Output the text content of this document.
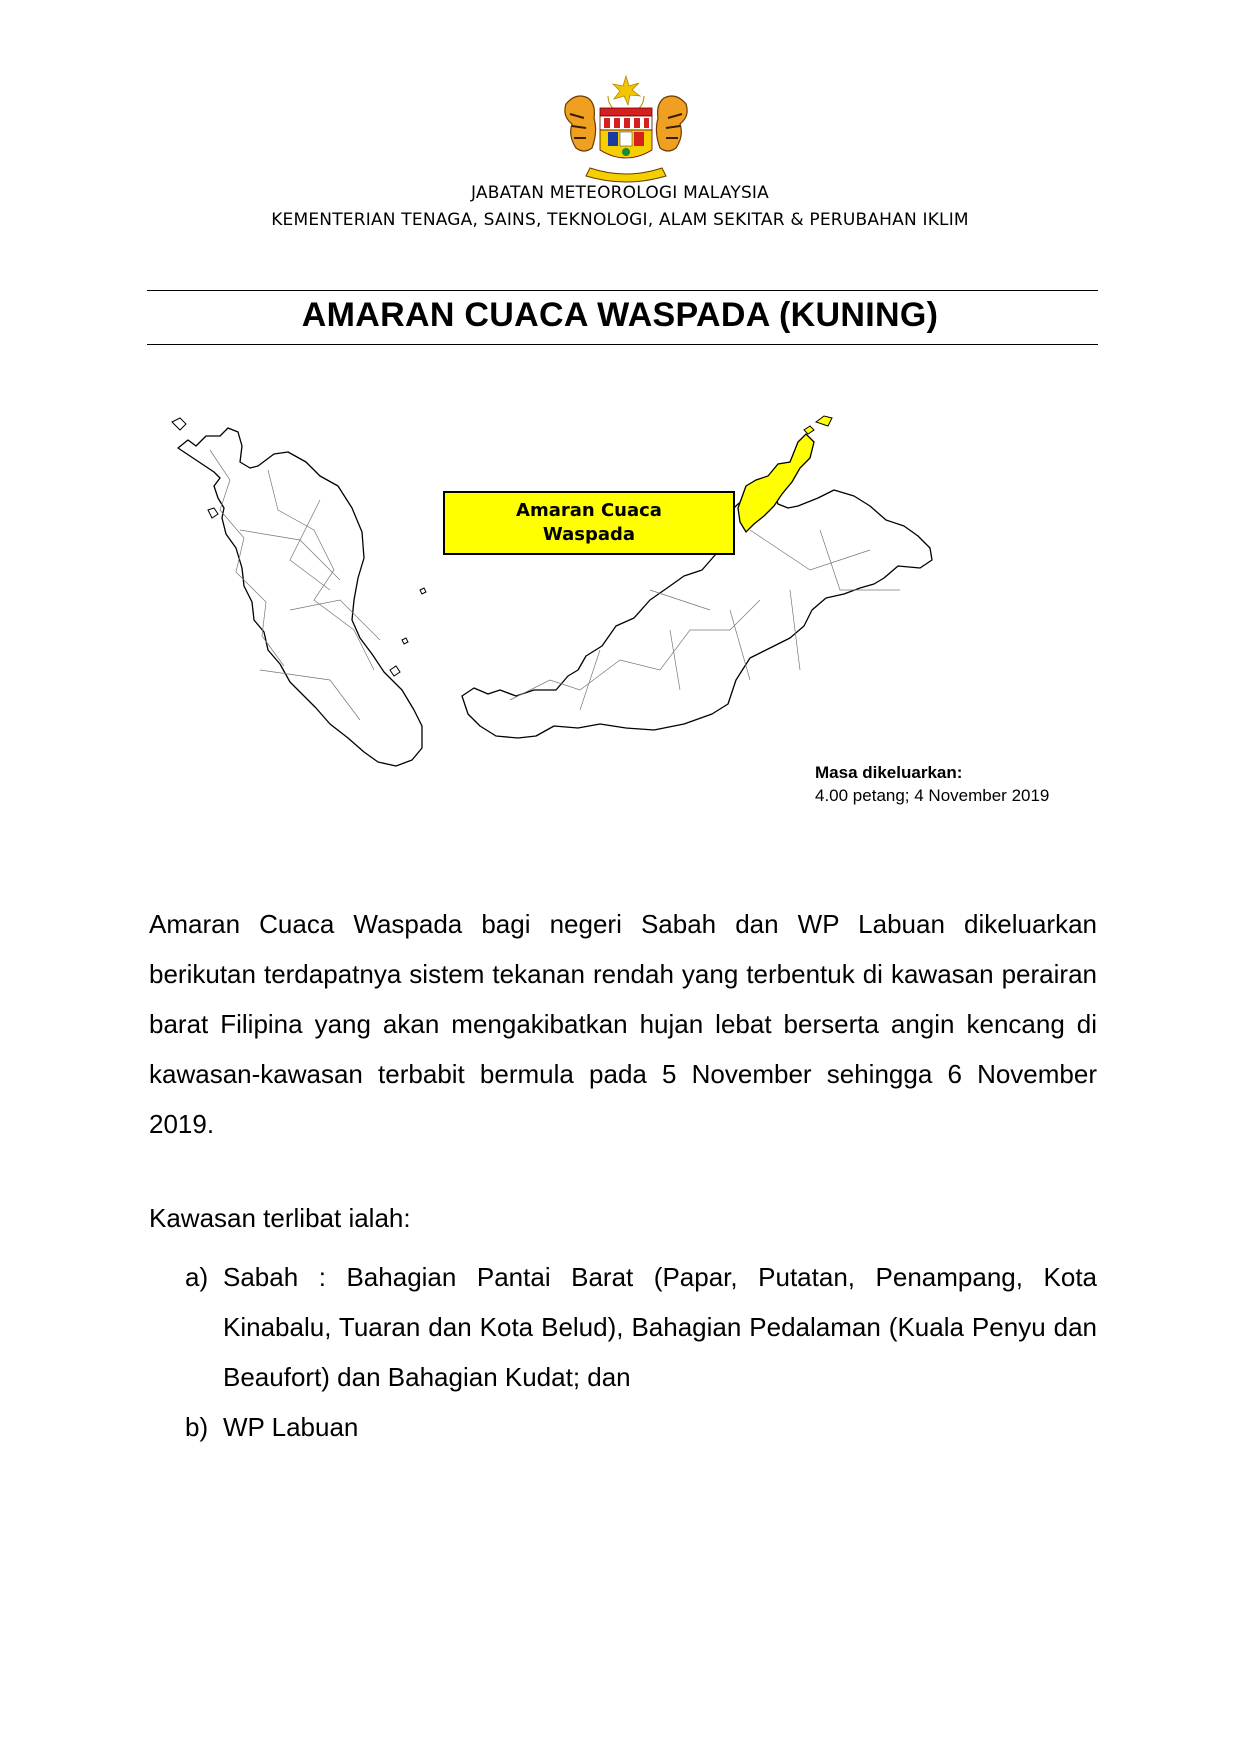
JABATAN METEOROLOGI MALAYSIA
KEMENTERIAN TENAGA, SAINS, TEKNOLOGI, ALAM SEKITAR & PERUBAHAN IKLIM
AMARAN CUACA WASPADA (KUNING)
Amaran Cuaca
Waspada
Masa dikeluarkan:
4.00 petang; 4 November 2019

Amaran Cuaca Waspada bagi negeri Sabah dan WP Labuan dikeluarkan berikutan terdapatnya sistem tekanan rendah yang terbentuk di kawasan perairan barat Filipina yang akan mengakibatkan hujan lebat berserta angin kencang di kawasan-kawasan terbabit bermula pada 5 November sehingga 6 November 2019.

Kawasan terlibat ialah:

a) Sabah : Bahagian Pantai Barat (Papar, Putatan, Penampang, Kota Kinabalu, Tuaran dan Kota Belud), Bahagian Pedalaman (Kuala Penyu dan Beaufort) dan Bahagian Kudat; dan
b) WP Labuan
